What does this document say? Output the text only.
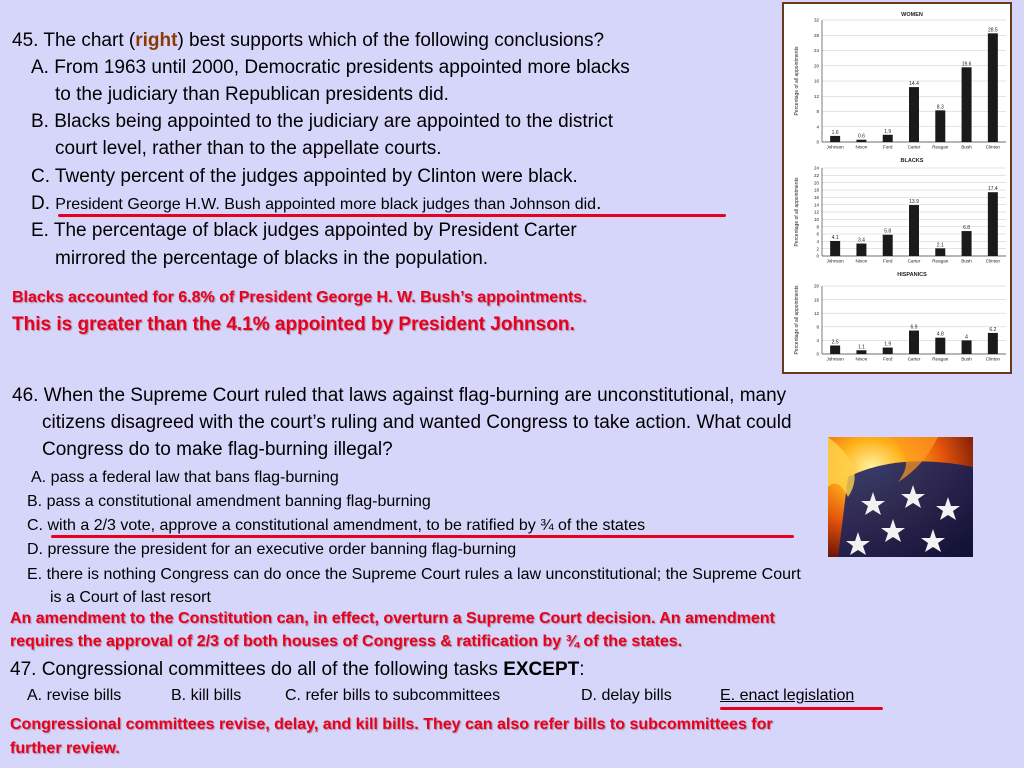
45. The chart (right) best supports which of the following conclusions?
A. From 1963 until 2000, Democratic presidents appointed more blacks
to the judiciary than Republican presidents did.
B. Blacks being appointed to the judiciary are appointed to the district
court level, rather than to the appellate courts.
C. Twenty percent of the judges appointed by Clinton were black.
D. President George H.W. Bush appointed more black judges than Johnson did.
E. The percentage of black judges appointed by President Carter
mirrored the percentage of blacks in the population.
Blacks accounted for 6.8% of President George H. W. Bush’s appointments.
This is greater than the 4.1% appointed by President Johnson.
WOMEN
Percentage of all appointments
0
4
8
12
16
20
24
28
32
1.6
Johnson
0.6
Nixon
1.9
Ford
14.4
Carter
8.3
Reagan
19.6
Bush
28.5
Clinton
BLACKS
Percentage of all appointments
0
2
4
6
8
10
12
14
16
18
20
22
24
4.1
Johnson
3.4
Nixon
5.8
Ford
13.9
Carter
2.1
Reagan
6.8
Bush
17.4
Clinton
HISPANICS
Percentage of all appointments	0
4
8
12
16
20
2.5
Johnson
1.1
Nixon
1.9
Ford
6.9
Carter
4.8
Reagan
4
Bush
6.2
Clinton
46. When the Supreme Court ruled that laws against flag-burning are unconstitutional, many
citizens disagreed with the court’s ruling and wanted Congress to take action. What could
Congress do to make flag-burning illegal?
A. pass a federal law that bans flag-burning
B. pass a constitutional amendment banning flag-burning
C. with a 2/3 vote, approve a constitutional amendment, to be ratified by ¾ of the states
D. pressure the president for an executive order banning flag-burning
E. there is nothing Congress can do once the Supreme Court rules a law unconstitutional; the Supreme Court
is a Court of last resort
An amendment to the Constitution can, in effect, overturn a Supreme Court decision. An amendment
requires the approval of 2/3 of both houses of Congress & ratification by ¾ of the states.
47. Congressional committees do all of the following tasks EXCEPT:
A. revise bills	B. kill bills	C. refer bills to subcommittees	D. delay bills	E. enact legislation
Congressional committees revise, delay, and kill bills. They can also refer bills to subcommittees for
further review.
